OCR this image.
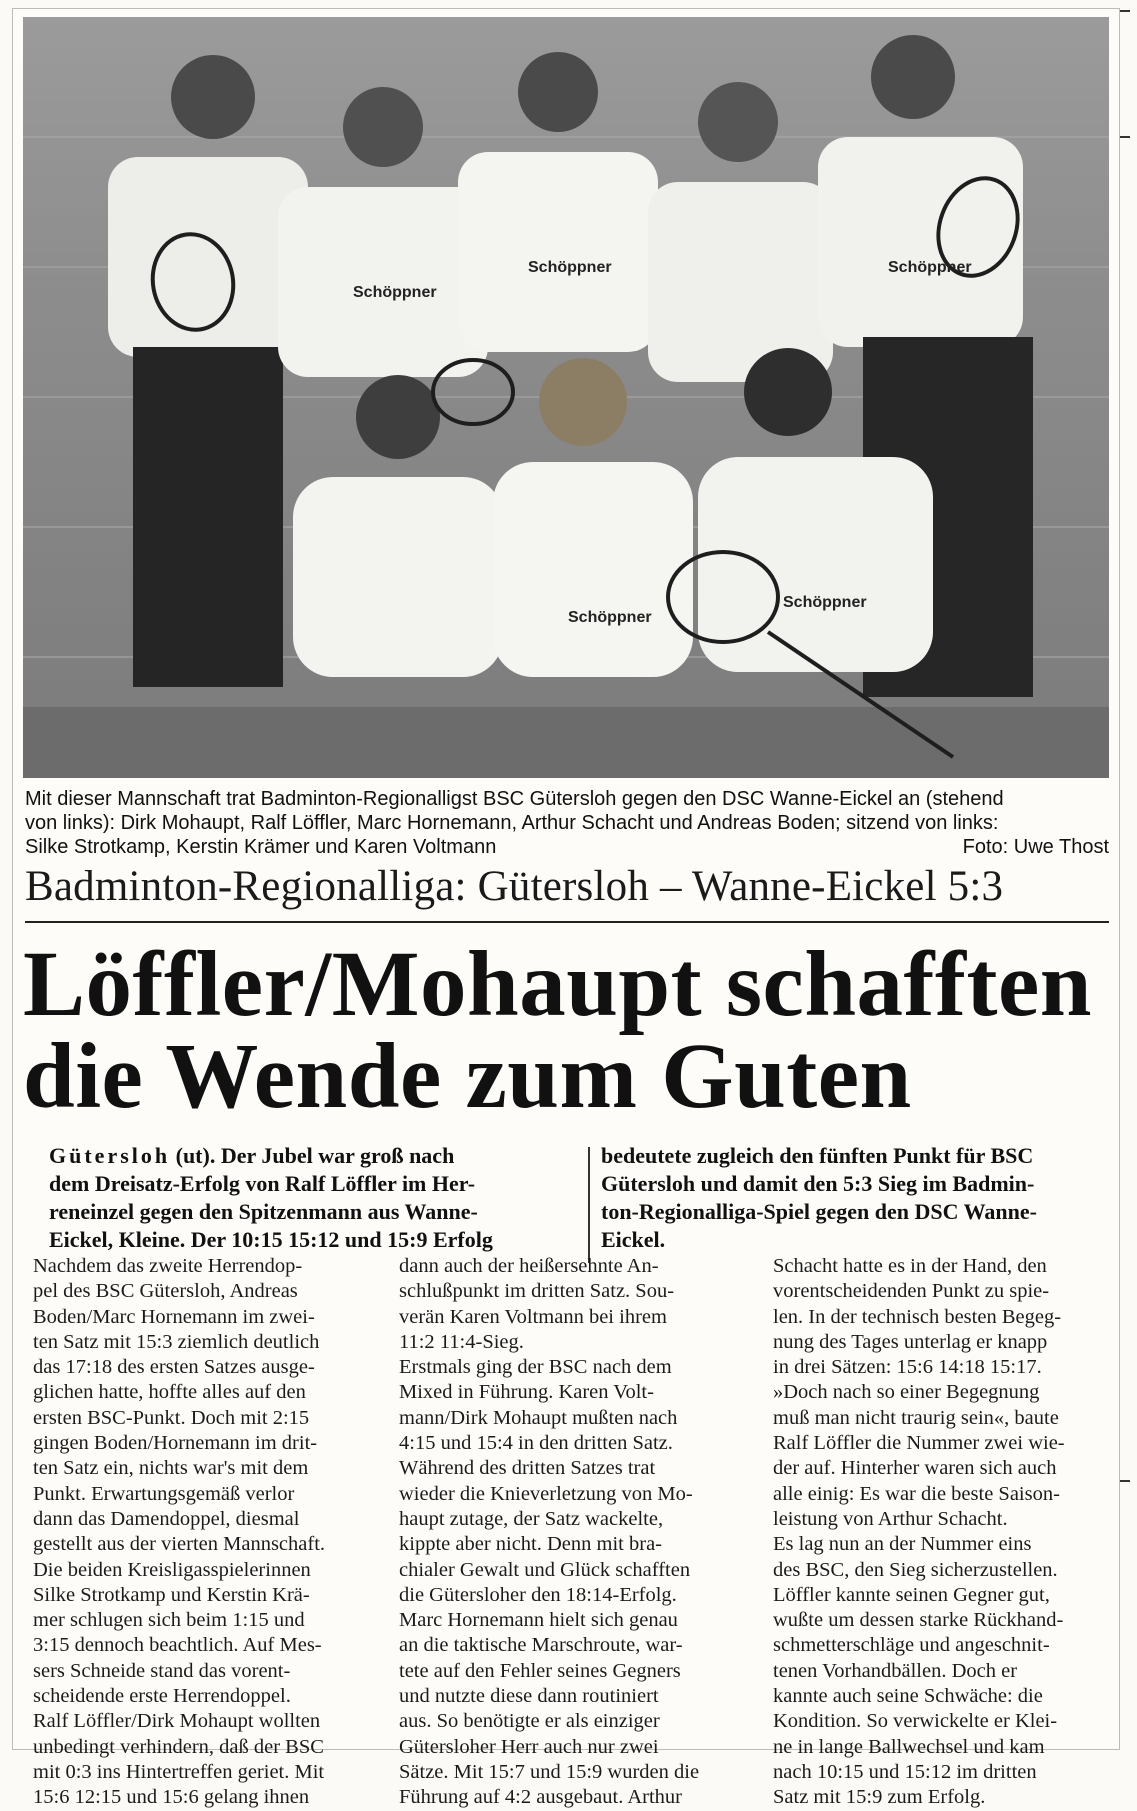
Schöppner
Schöppner	Schöppner
Schöppner
Schöppner
Mit dieser Mannschaft trat Badminton-Regionalligst BSC Gütersloh gegen den DSC Wanne-Eickel an (stehend
von links): Dirk Mohaupt, Ralf Löffler, Marc Hornemann, Arthur Schacht und Andreas Boden; sitzend von links:
Silke Strotkamp, Kerstin Krämer und Karen Voltmann	Foto: Uwe Thost
Badminton-Regionalliga: Gütersloh – Wanne-Eickel 5:3
Löffler/Mohaupt schafften
die Wende zum Guten
Gütersloh (ut). Der Jubel war groß nach
dem Dreisatz-Erfolg von Ralf Löffler im Her-
reneinzel gegen den Spitzenmann aus Wanne-
Eickel, Kleine. Der 10:15 15:12 und 15:9 Erfolg
bedeutete zugleich den fünften Punkt für BSC
Gütersloh und damit den 5:3 Sieg im Badmin-
ton-Regionalliga-Spiel gegen den DSC Wanne-
Eickel.
Nachdem das zweite Herrendop-
pel des BSC Gütersloh, Andreas
Boden/Marc Hornemann im zwei-
ten Satz mit 15:3 ziemlich deutlich
das 17:18 des ersten Satzes ausge-
glichen hatte, hoffte alles auf den
ersten BSC-Punkt. Doch mit 2:15
gingen Boden/Hornemann im drit-
ten Satz ein, nichts war's mit dem
Punkt. Erwartungsgemäß verlor
dann das Damendoppel, diesmal
gestellt aus der vierten Mannschaft.
Die beiden Kreisligasspielerinnen
Silke Strotkamp und Kerstin Krä-
mer schlugen sich beim 1:15 und
3:15 dennoch beachtlich. Auf Mes-
sers Schneide stand das vorent-
scheidende erste Herrendoppel.
Ralf Löffler/Dirk Mohaupt wollten
unbedingt verhindern, daß der BSC
mit 0:3 ins Hintertreffen geriet. Mit
15:6 12:15 und 15:6 gelang ihnen
dann auch der heißersehnte An-
schlußpunkt im dritten Satz. Sou-
verän Karen Voltmann bei ihrem
11:2 11:4-Sieg.
Erstmals ging der BSC nach dem
Mixed in Führung. Karen Volt-
mann/Dirk Mohaupt mußten nach
4:15 und 15:4 in den dritten Satz.
Während des dritten Satzes trat
wieder die Knieverletzung von Mo-
haupt zutage, der Satz wackelte,
kippte aber nicht. Denn mit bra-
chialer Gewalt und Glück schafften
die Gütersloher den 18:14-Erfolg.
Marc Hornemann hielt sich genau
an die taktische Marschroute, war-
tete auf den Fehler seines Gegners
und nutzte diese dann routiniert
aus. So benötigte er als einziger
Gütersloher Herr auch nur zwei
Sätze. Mit 15:7 und 15:9 wurden die
Führung auf 4:2 ausgebaut. Arthur
Schacht hatte es in der Hand, den
vorentscheidenden Punkt zu spie-
len. In der technisch besten Begeg-
nung des Tages unterlag er knapp
in drei Sätzen: 15:6 14:18 15:17.
»Doch nach so einer Begegnung
muß man nicht traurig sein«, baute
Ralf Löffler die Nummer zwei wie-
der auf. Hinterher waren sich auch
alle einig: Es war die beste Saison-
leistung von Arthur Schacht.
Es lag nun an der Nummer eins
des BSC, den Sieg sicherzustellen.
Löffler kannte seinen Gegner gut,
wußte um dessen starke Rückhand-
schmetterschläge und angeschnit-
tenen Vorhandbällen. Doch er
kannte auch seine Schwäche: die
Kondition. So verwickelte er Klei-
ne in lange Ballwechsel und kam
nach 10:15 und 15:12 im dritten
Satz mit 15:9 zum Erfolg.
